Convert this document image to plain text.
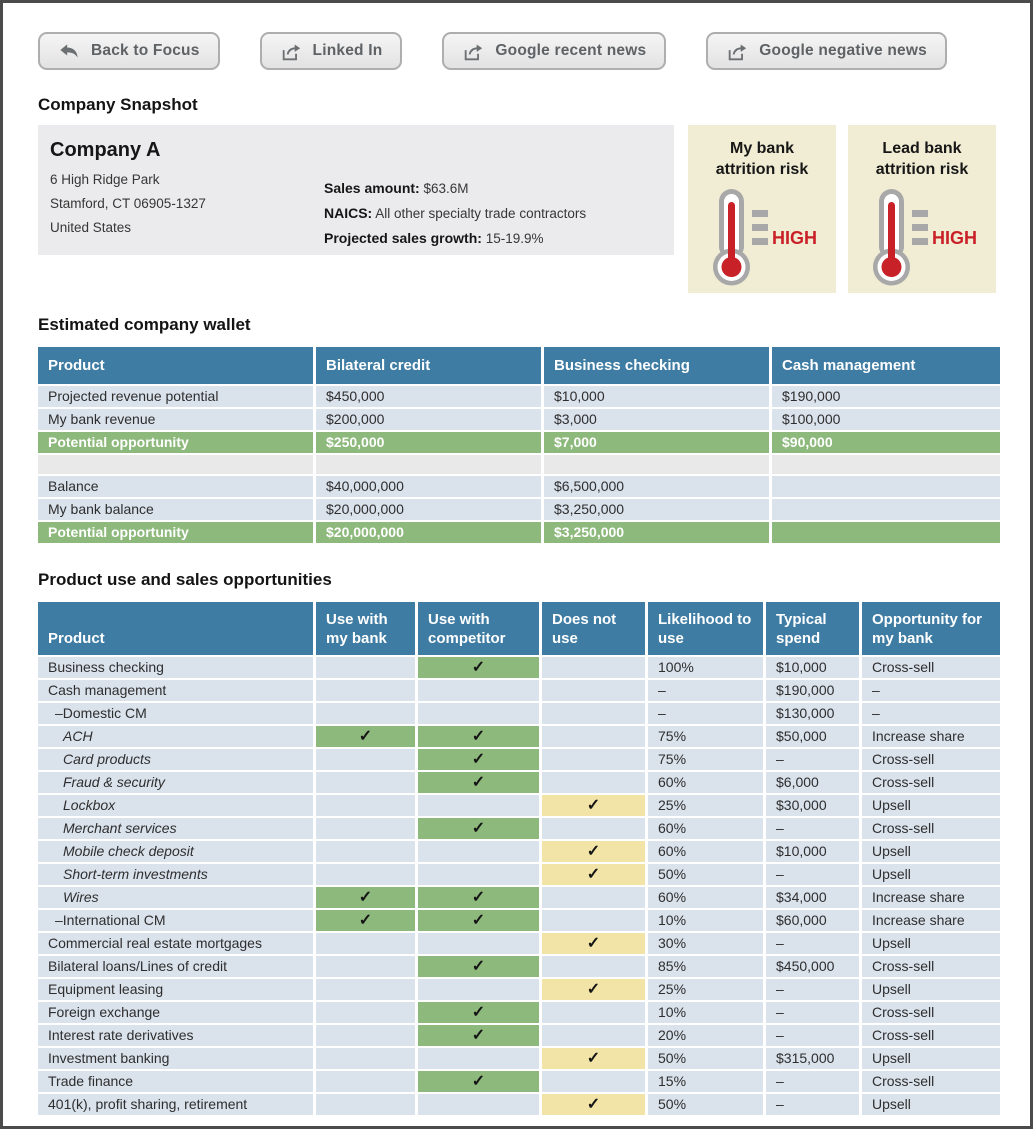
Back to Focus	Linked In	Google recent news	Google negative news
Company Snapshot
Company A
6 High Ridge Park
Stamford, CT 06905-1327
United States
Sales amount: $63.6M
NAICS: All other specialty trade contractors
Projected sales growth: 15-19.9%
My bank
attrition risk
HIGH
Lead bank
attrition risk
HIGH
Estimated company wallet
Product	Bilateral credit	Business checking	Cash management
Projected revenue potential	$450,000	$10,000	$190,000
My bank revenue	$200,000	$3,000	$100,000
Potential opportunity	$250,000	$7,000	$90,000

Balance	$40,000,000	$6,500,000	
My bank balance	$20,000,000	$3,250,000	
Potential opportunity	$20,000,000	$3,250,000	
Product use and sales opportunities
Product	Use with my bank	Use with competitor	Does not use	Likelihood to use	Typical spend	Opportunity for my bank
Business checking		✓		100%	$10,000	Cross-sell
Cash management				–	$190,000	–
–Domestic CM				–	$130,000	–
ACH	✓	✓		75%	$50,000	Increase share
Card products		✓		75%	–	Cross-sell
Fraud & security		✓		60%	$6,000	Cross-sell
Lockbox			✓	25%	$30,000	Upsell
Merchant services		✓		60%	–	Cross-sell
Mobile check deposit			✓	60%	$10,000	Upsell
Short-term investments			✓	50%	–	Upsell
Wires	✓	✓		60%	$34,000	Increase share
–International CM	✓	✓		10%	$60,000	Increase share
Commercial real estate mortgages			✓	30%	–	Upsell
Bilateral loans/Lines of credit		✓		85%	$450,000	Cross-sell
Equipment leasing			✓	25%	–	Upsell
Foreign exchange		✓		10%	–	Cross-sell
Interest rate derivatives		✓		20%	–	Cross-sell
Investment banking			✓	50%	$315,000	Upsell
Trade finance		✓		15%	–	Cross-sell
401(k), profit sharing, retirement			✓	50%	–	Upsell
